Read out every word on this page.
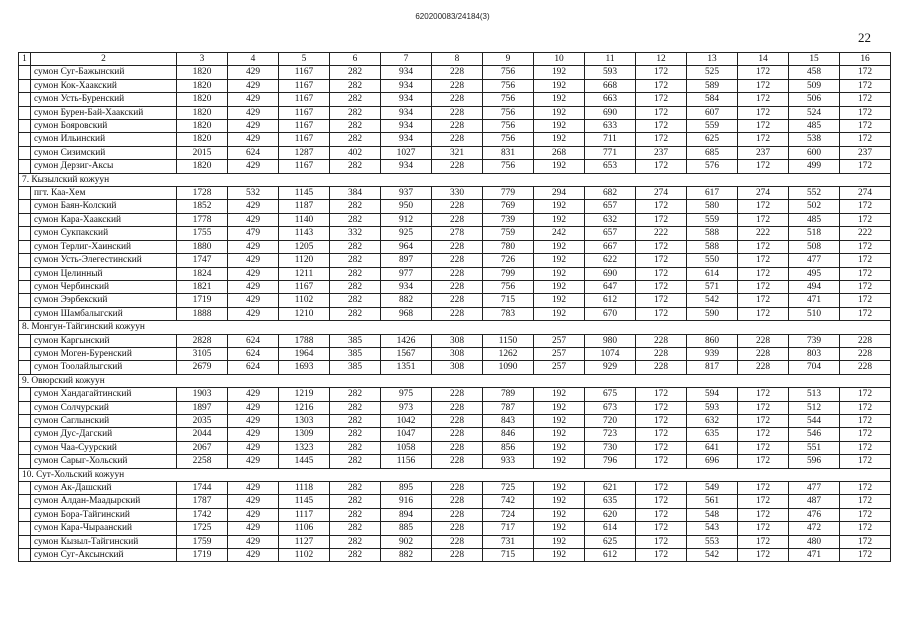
620200083/24184(3)
22
1	2	3	4	5	6	7	8	9	10	11	12	13	14	15	16
	сумон Суг-Бажынский	1820	429	1167	282	934	228	756	192	593	172	525	172	458	172
	сумон Кок-Хаакский	1820	429	1167	282	934	228	756	192	668	172	589	172	509	172
	сумон Усть-Буренский	1820	429	1167	282	934	228	756	192	663	172	584	172	506	172
	сумон Бурен-Бай-Хаакский	1820	429	1167	282	934	228	756	192	690	172	607	172	524	172
	сумон Бояровский	1820	429	1167	282	934	228	756	192	633	172	559	172	485	172
	сумон Ильинский	1820	429	1167	282	934	228	756	192	711	172	625	172	538	172
	сумон Сизимский	2015	624	1287	402	1027	321	831	268	771	237	685	237	600	237
	сумон Дерзиг-Аксы	1820	429	1167	282	934	228	756	192	653	172	576	172	499	172
7. Кызылский кожуун															
	пгт. Каа-Хем	1728	532	1145	384	937	330	779	294	682	274	617	274	552	274
	сумон Баян-Колский	1852	429	1187	282	950	228	769	192	657	172	580	172	502	172
	сумон Кара-Хаакский	1778	429	1140	282	912	228	739	192	632	172	559	172	485	172
	сумон Сукпакский	1755	479	1143	332	925	278	759	242	657	222	588	222	518	222
	сумон Терлиг-Хаинский	1880	429	1205	282	964	228	780	192	667	172	588	172	508	172
	сумон Усть-Элегестинский	1747	429	1120	282	897	228	726	192	622	172	550	172	477	172
	сумон Целинный	1824	429	1211	282	977	228	799	192	690	172	614	172	495	172
	сумон Чербинский	1821	429	1167	282	934	228	756	192	647	172	571	172	494	172
	сумон Ээрбекский	1719	429	1102	282	882	228	715	192	612	172	542	172	471	172
	сумон Шамбалыгский	1888	429	1210	282	968	228	783	192	670	172	590	172	510	172
8. Монгун-Тайгинский кожуун															
	сумон Каргынский	2828	624	1788	385	1426	308	1150	257	980	228	860	228	739	228
	сумон Моген-Буренский	3105	624	1964	385	1567	308	1262	257	1074	228	939	228	803	228
	сумон Тоолайлыгский	2679	624	1693	385	1351	308	1090	257	929	228	817	228	704	228
9. Овюрский кожуун															
	сумон Хандагайтинский	1903	429	1219	282	975	228	789	192	675	172	594	172	513	172
	сумон Солчурский	1897	429	1216	282	973	228	787	192	673	172	593	172	512	172
	сумон Саглынский	2035	429	1303	282	1042	228	843	192	720	172	632	172	544	172
	сумон Дус-Дагский	2044	429	1309	282	1047	228	846	192	723	172	635	172	546	172
	сумон Чаа-Суурский	2067	429	1323	282	1058	228	856	192	730	172	641	172	551	172
	сумон Сарыг-Хольский	2258	429	1445	282	1156	228	933	192	796	172	696	172	596	172
10. Сут-Хольский кожуун															
	сумон Ак-Дашский	1744	429	1118	282	895	228	725	192	621	172	549	172	477	172
	сумон Алдан-Маадырский	1787	429	1145	282	916	228	742	192	635	172	561	172	487	172
	сумон Бора-Тайгинский	1742	429	1117	282	894	228	724	192	620	172	548	172	476	172
	сумон Кара-Чыраанский	1725	429	1106	282	885	228	717	192	614	172	543	172	472	172
	сумон Кызыл-Тайгинский	1759	429	1127	282	902	228	731	192	625	172	553	172	480	172
	сумон Суг-Аксынский	1719	429	1102	282	882	228	715	192	612	172	542	172	471	172
